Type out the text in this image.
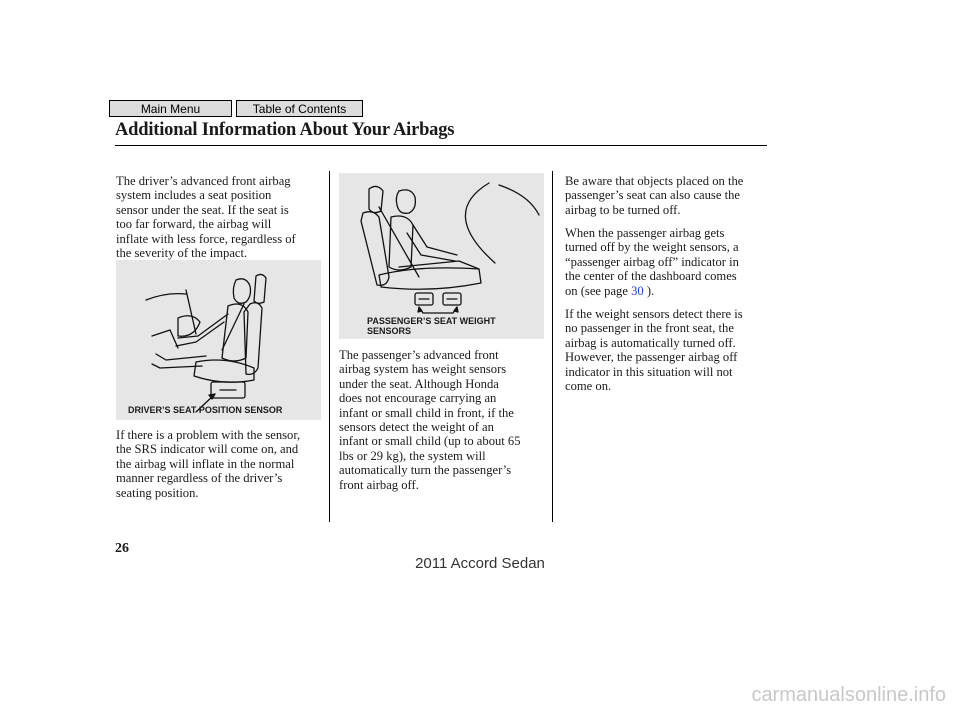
Main Menu	Table of Contents
Additional Information About Your Airbags

The driver’s advanced front airbag
system includes a seat position
sensor under the seat. If the seat is
too far forward, the airbag will
inflate with less force, regardless of
the severity of the impact.

DRIVER’S SEAT POSITION SENSOR

If there is a problem with the sensor,
the SRS indicator will come on, and
the airbag will inflate in the normal
manner regardless of the driver’s
seating position.

PASSENGER’S SEAT WEIGHT
SENSORS

The passenger’s advanced front
airbag system has weight sensors
under the seat. Although Honda
does not encourage carrying an
infant or small child in front, if the
sensors detect the weight of an
infant or small child (up to about 65
lbs or 29 kg), the system will
automatically turn the passenger’s
front airbag off.

Be aware that objects placed on the
passenger’s seat can also cause the
airbag to be turned off.

When the passenger airbag gets
turned off by the weight sensors, a
“passenger airbag off” indicator in
the center of the dashboard comes
on (see page 30 ).

If the weight sensors detect there is
no passenger in the front seat, the
airbag is automatically turned off.
However, the passenger airbag off
indicator in this situation will not
come on.

26
2011 Accord Sedan
carmanualsonline.info
